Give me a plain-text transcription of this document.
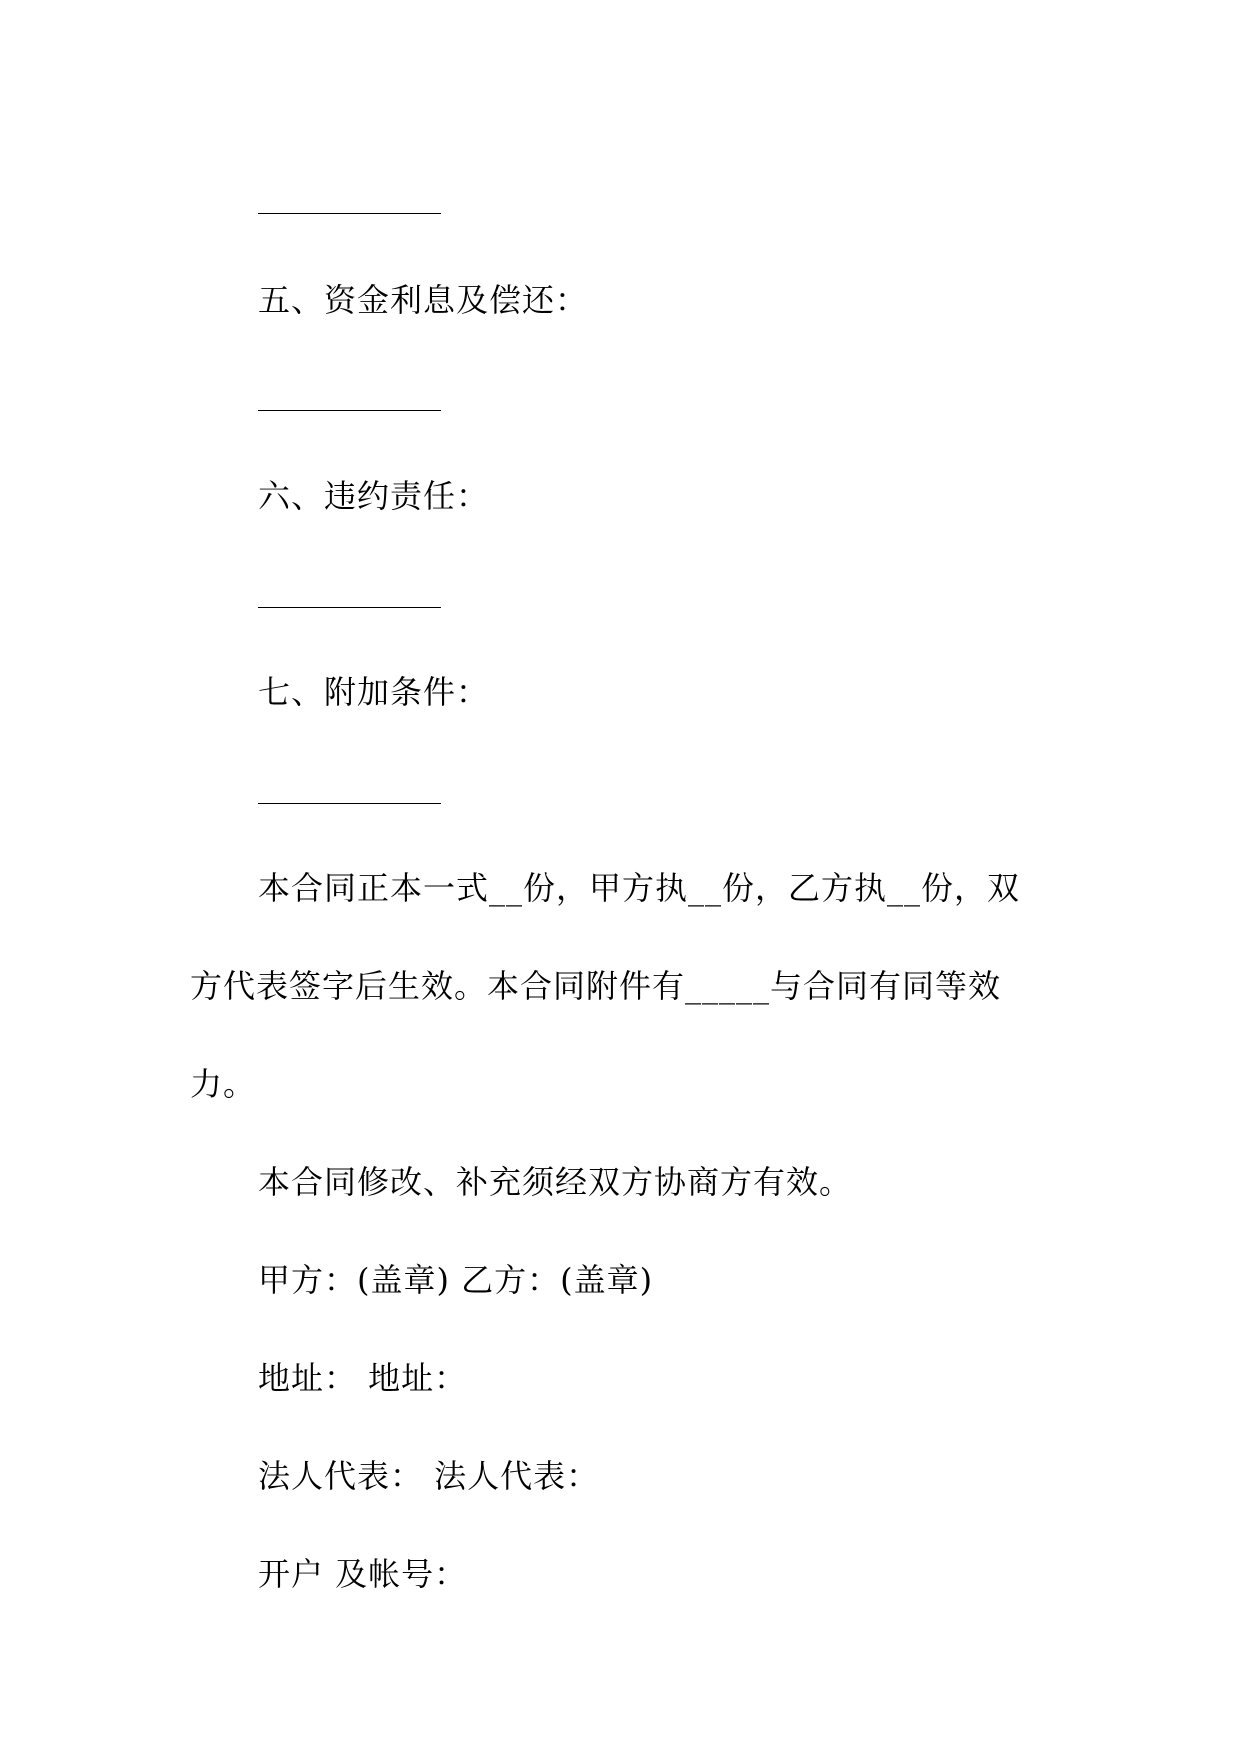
五、资金利息及偿还：
六、违约责任：
七、附加条件：
本合同正本一式__份，甲方执__份，乙方执__份，双
方代表签字后生效。本合同附件有_____与合同有同等效
力。
本合同修改、补充须经双方协商方有效。
甲方：(盖章) 乙方：(盖章)
地址： 地址：
法人代表： 法人代表：
开户 及帐号：
